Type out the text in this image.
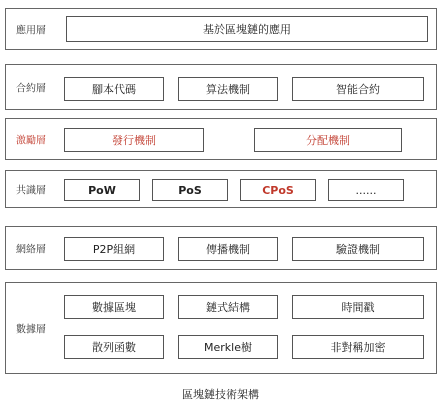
應用層	基於區塊鏈的應用
合約層	腳本代碼	算法機制	智能合約
激勵層	發行機制	分配機制
共識層	PoW	PoS	CPoS	......
網絡層	P2P組網	傳播機制	驗證機制
數據層
數據區塊	鏈式結構	時間戳
散列函數	Merkle樹	非對稱加密
區塊鏈技術架構
